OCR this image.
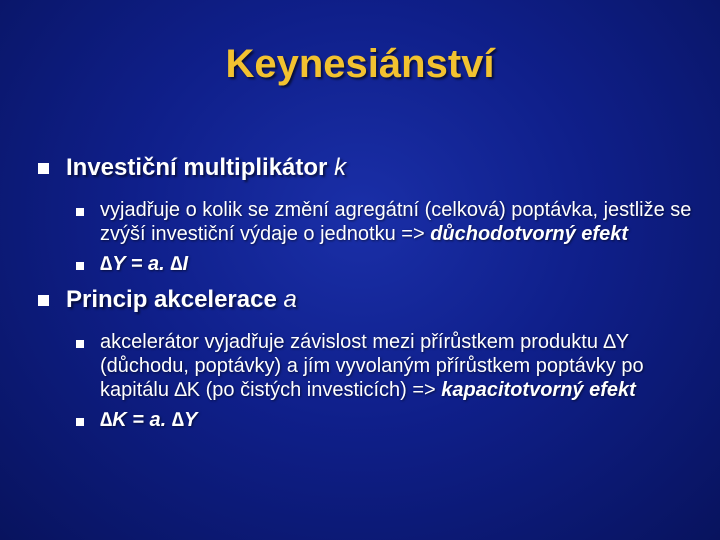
Keynesiánství
Investiční multiplikátor k
vyjadřuje o kolik se změní agregátní (celková) poptávka, jestliže se zvýší investiční výdaje o jednotku => důchodotvorný efekt
∆Y = a. ∆I
Princip akcelerace a
akcelerátor vyjadřuje závislost mezi přírůstkem produktu ∆Y (důchodu, poptávky) a jím vyvolaným přírůstkem poptávky po kapitálu ∆K (po čistých investicích) => kapacitotvorný efekt
∆K = a. ∆Y
